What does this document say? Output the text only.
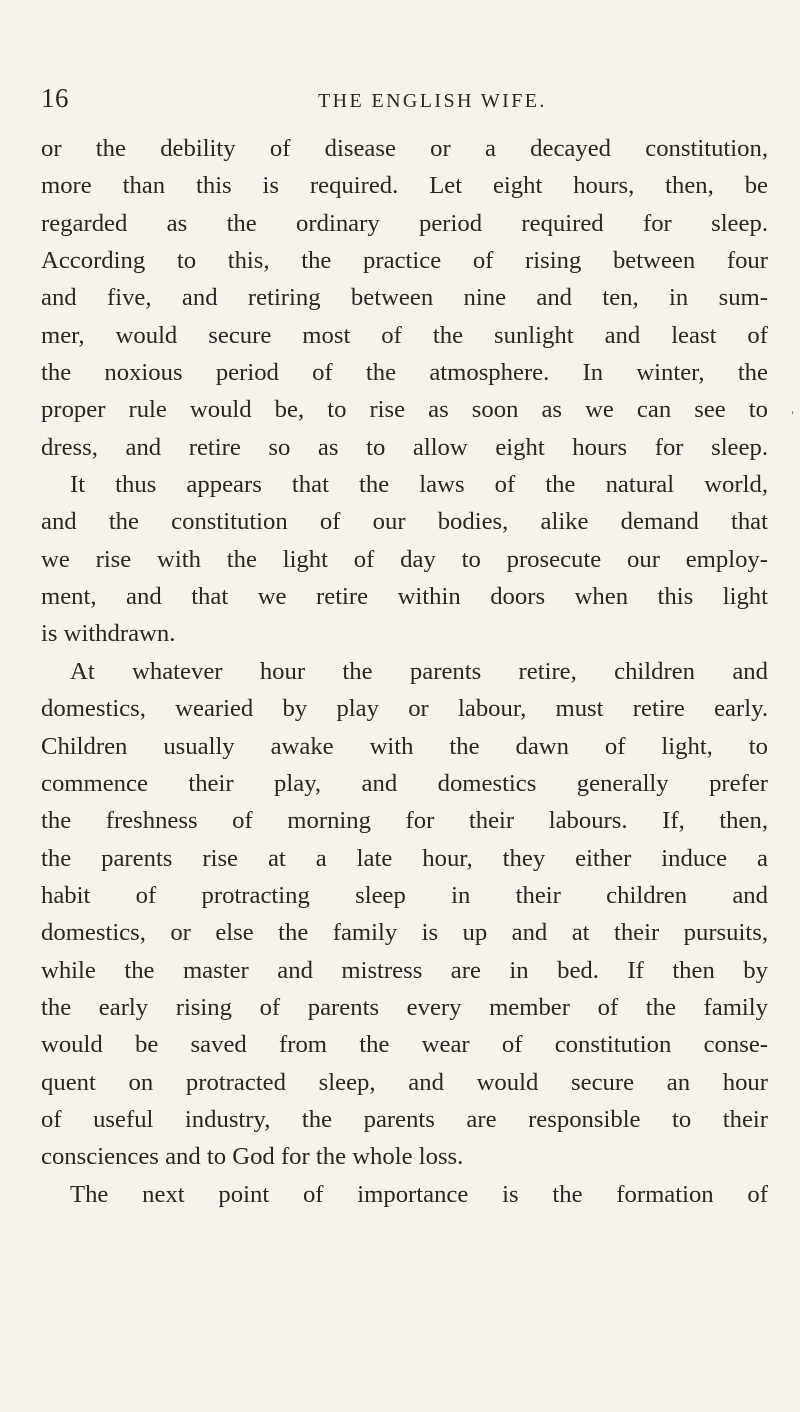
16	THE ENGLISH WIFE.
or the debility of disease or a decayed constitution,
more than this is required. Let eight hours, then, be
regarded as the ordinary period required for sleep.
According to this, the practice of rising between four
and five, and retiring between nine and ten, in sum-
mer, would secure most of the sunlight and least of
the noxious period of the atmosphere. In winter, the
proper rule would be, to rise as soon as we can see to
dress, and retire so as to allow eight hours for sleep.
It thus appears that the laws of the natural world,
and the constitution of our bodies, alike demand that
we rise with the light of day to prosecute our employ-
ment, and that we retire within doors when this light
is withdrawn.
At whatever hour the parents retire, children and
domestics, wearied by play or labour, must retire early.
Children usually awake with the dawn of light, to
commence their play, and domestics generally prefer
the freshness of morning for their labours. If, then,
the parents rise at a late hour, they either induce a
habit of protracting sleep in their children and
domestics, or else the family is up and at their pursuits,
while the master and mistress are in bed. If then by
the early rising of parents every member of the family
would be saved from the wear of constitution conse-
quent on protracted sleep, and would secure an hour
of useful industry, the parents are responsible to their
consciences and to God for the whole loss.
The next point of importance is the formation of
′
